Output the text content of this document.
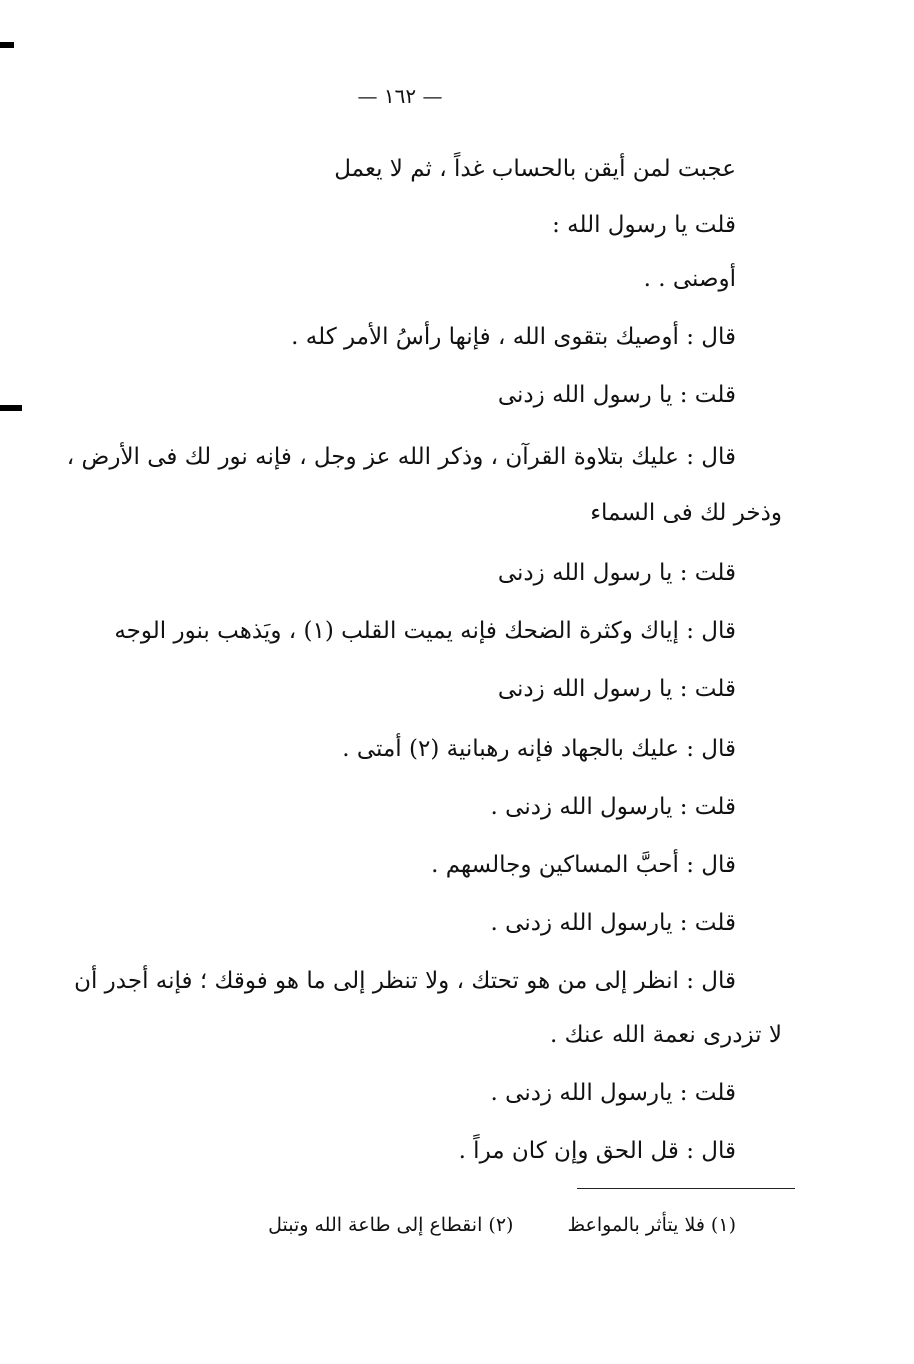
— ١٦٢ —
عجبت لمن أيقن بالحساب غداً ، ثم لا يعمل
قلت يا رسول الله :
أوصنى . .
قال : أوصيك بتقوى الله ، فإنها رأسُ الأمر كله .
قلت : يا رسول الله زدنى
قال : عليك بتلاوة القرآن ، وذكر الله عز وجل ، فإنه نور لك فى الأرض ،
وذخر لك فى السماء
قلت : يا رسول الله زدنى
قال : إياك وكثرة الضحك فإنه يميت القلب (١) ، ويَذهب بنور الوجه
قلت : يا رسول الله زدنى
قال : عليك بالجهاد فإنه رهبانية (٢) أمتى .
قلت : يارسول الله زدنى .
قال : أحبَّ المساكين وجالسهم .
قلت : يارسول الله زدنى .
قال : انظر إلى من هو تحتك ، ولا تنظر إلى ما هو فوقك ؛ فإنه أجدر أن
لا تزدرى نعمة الله عنك .
قلت : يارسول الله زدنى .
قال : قل الحق وإن كان مراً .
(١) فلا يتأثر بالمواعظ (٢) انقطاع إلى طاعة الله وتبتل
